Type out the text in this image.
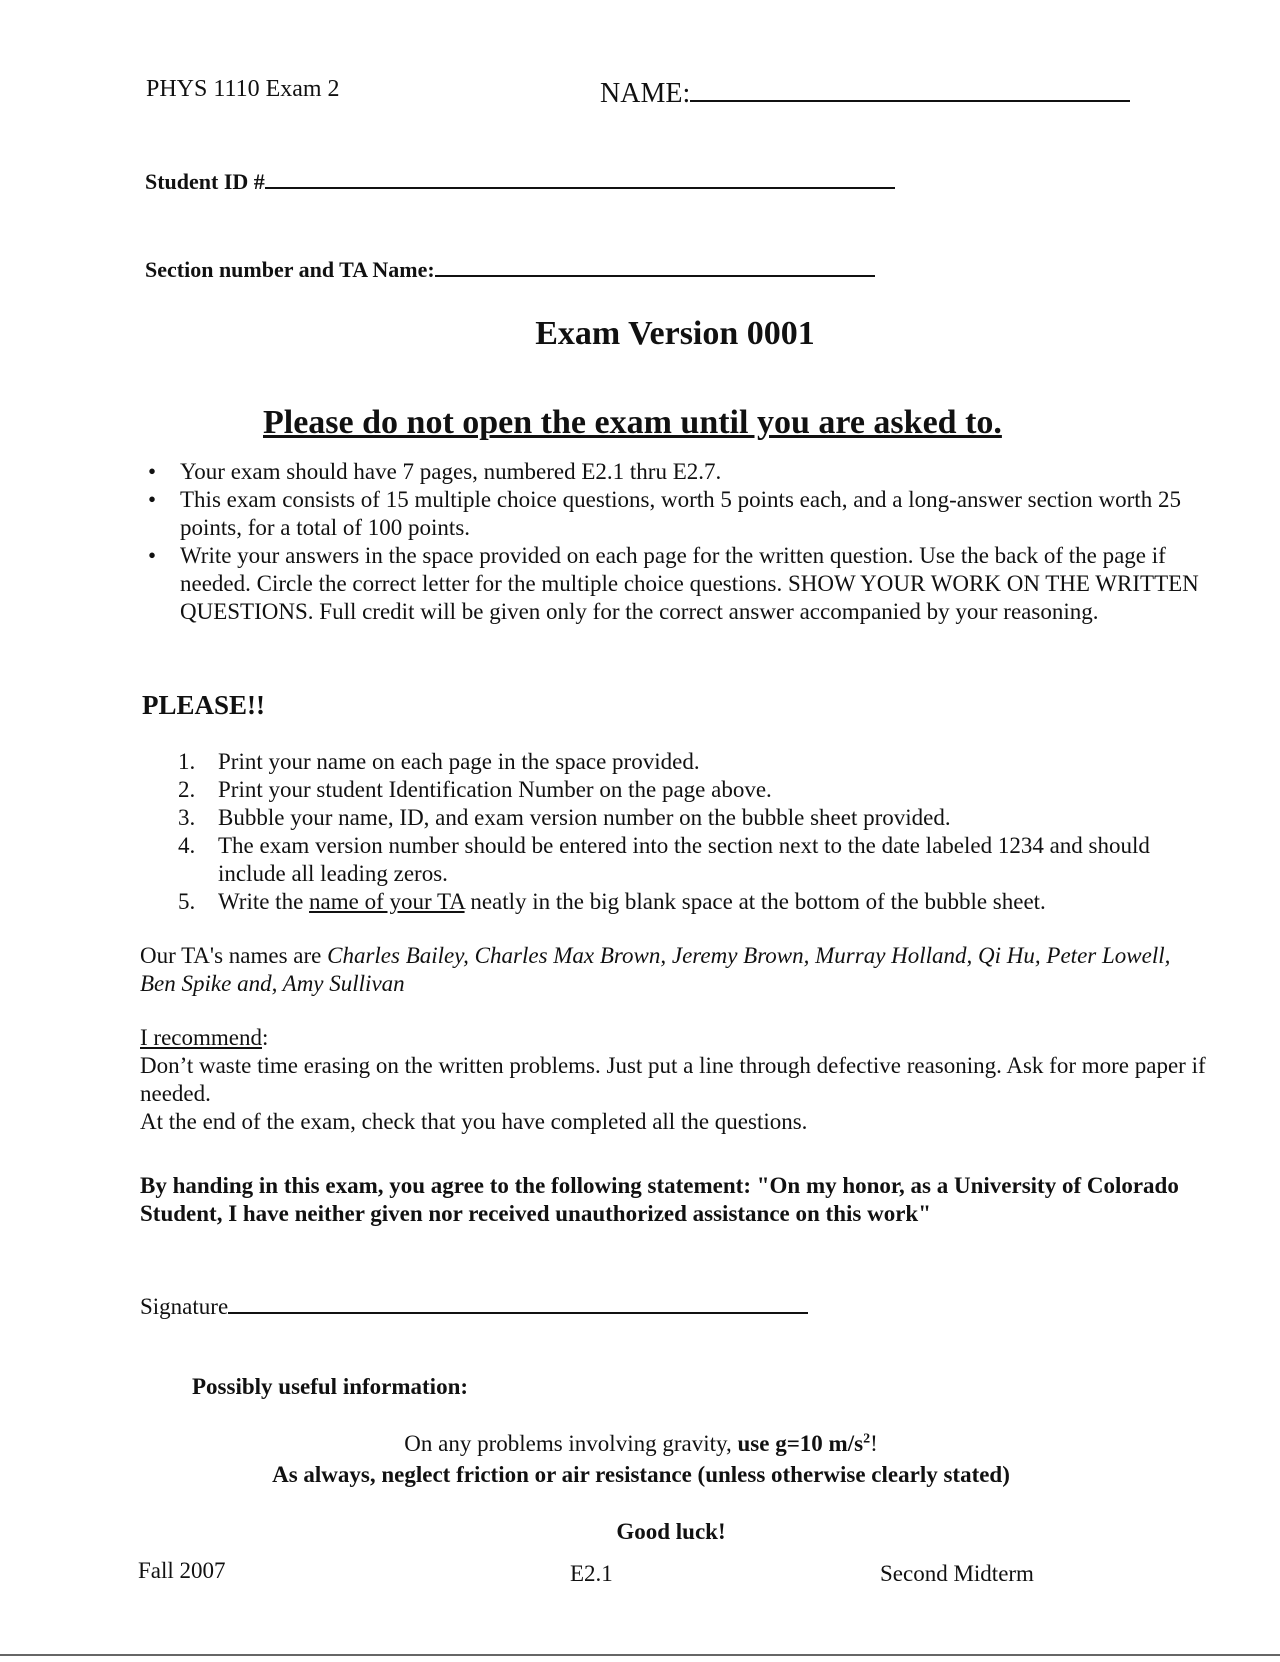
PHYS 1110 Exam 2	NAME:
Student ID #
Section number and TA Name:
Exam Version 0001
Please do not open the exam until you are asked to.
• Your exam should have 7 pages, numbered E2.1 thru E2.7.
• This exam consists of 15 multiple choice questions, worth 5 points each, and a long-answer section worth 25 points, for a total of 100 points.
• Write your answers in the space provided on each page for the written question. Use the back of the page if needed. Circle the correct letter for the multiple choice questions. SHOW YOUR WORK ON THE WRITTEN QUESTIONS. Full credit will be given only for the correct answer accompanied by your reasoning.
PLEASE!!
1. Print your name on each page in the space provided.
2. Print your student Identification Number on the page above.
3. Bubble your name, ID, and exam version number on the bubble sheet provided.
4. The exam version number should be entered into the section next to the date labeled 1234 and should include all leading zeros.
5. Write the name of your TA neatly in the big blank space at the bottom of the bubble sheet.
Our TA's names are Charles Bailey, Charles Max Brown, Jeremy Brown, Murray Holland, Qi Hu, Peter Lowell, Ben Spike and, Amy Sullivan
I recommend:
Don’t waste time erasing on the written problems. Just put a line through defective reasoning. Ask for more paper if needed.
At the end of the exam, check that you have completed all the questions.
By handing in this exam, you agree to the following statement: "On my honor, as a University of Colorado Student, I have neither given nor received unauthorized assistance on this work"
Signature
Possibly useful information:
On any problems involving gravity, use g=10 $m/s^2$!
As always, neglect friction or air resistance (unless otherwise clearly stated)
Good luck!
Fall 2007	E2.1	Second Midterm
